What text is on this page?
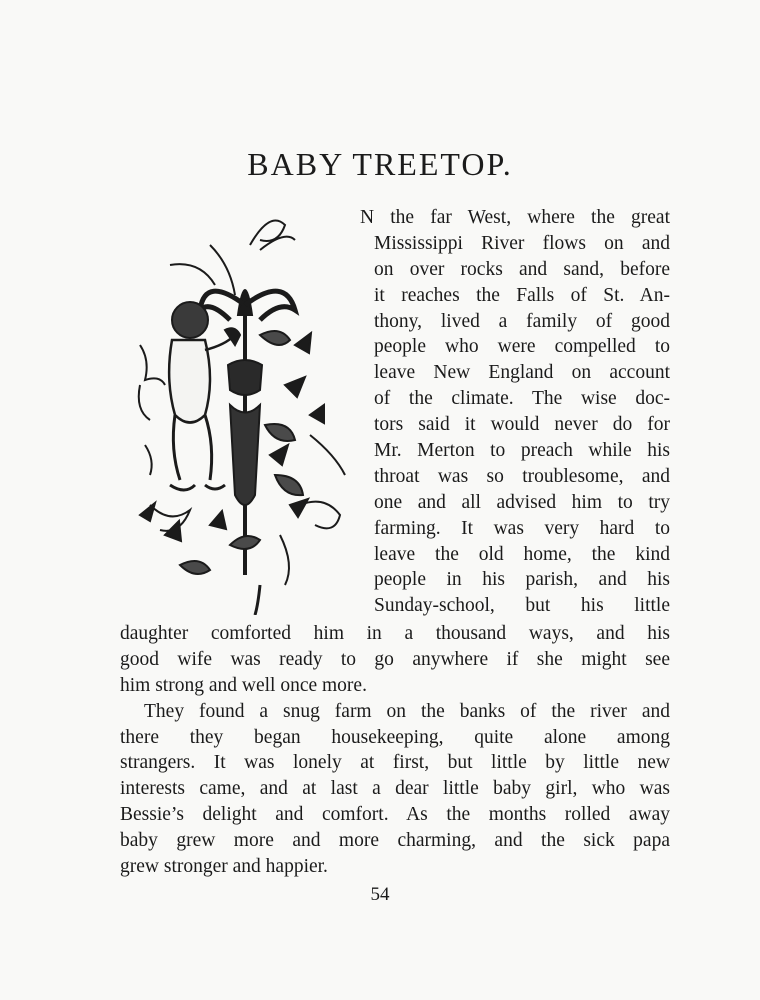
BABY TREETOP.
N the far West, where the great
Mississippi River flows on and
on over rocks and sand, before
it reaches the Falls of St. An-
thony, lived a family of good
people who were compelled to
leave New England on account
of the climate. The wise doc-
tors said it would never do for
Mr. Merton to preach while his
throat was so troublesome, and
one and all advised him to try
farming. It was very hard to
leave the old home, the kind
people in his parish, and his
Sunday-school, but his little
daughter comforted him in a thousand ways, and his
good wife was ready to go anywhere if she might see
him strong and well once more.
They found a snug farm on the banks of the river and
there they began housekeeping, quite alone among
strangers. It was lonely at first, but little by little new
interests came, and at last a dear little baby girl, who was
Bessie’s delight and comfort. As the months rolled away
baby grew more and more charming, and the sick papa
grew stronger and happier.
54
